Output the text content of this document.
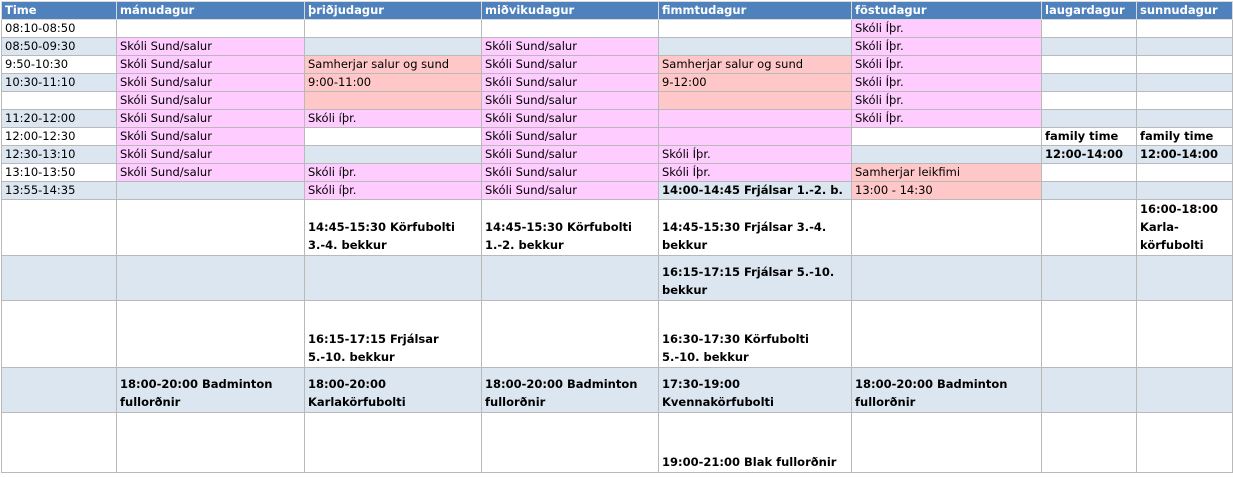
Time	mánudagur	þriðjudagur	miðvikudagur	fimmtudagur	föstudagur	laugardagur	sunnudagur
08:10-08:50					Skóli Íþr.		
08:50-09:30	Skóli Sund/salur		Skóli Sund/salur		Skóli Íþr.		
9:50-10:30	Skóli Sund/salur	Samherjar salur og sund	Skóli Sund/salur	Samherjar salur og sund	Skóli Íþr.		
10:30-11:10	Skóli Sund/salur	9:00-11:00	Skóli Sund/salur	9-12:00	Skóli Íþr.		
	Skóli Sund/salur		Skóli Sund/salur		Skóli Íþr.		
11:20-12:00	Skóli Sund/salur	Skóli íþr.	Skóli Sund/salur		Skóli Íþr.		
12:00-12:30	Skóli Sund/salur		Skóli Sund/salur			family time	family time
12:30-13:10	Skóli Sund/salur		Skóli Sund/salur	Skóli Íþr.		12:00-14:00	12:00-14:00
13:10-13:50	Skóli Sund/salur	Skóli íþr.	Skóli Sund/salur	Skóli Íþr.	Samherjar leikfimi		
13:55-14:35		Skóli íþr.	Skóli Sund/salur	14:00-14:45 Frjálsar 1.-2. b.	13:00 - 14:30		
		14:45-15:30 Körfubolti 3.-4. bekkur	14:45-15:30 Körfubolti 1.-2. bekkur	14:45-15:30 Frjálsar 3.-4. bekkur			16:00-18:00 Karla-körfubolti
				16:15-17:15 Frjálsar 5.-10. bekkur			
		16:15-17:15 Frjálsar 5.-10. bekkur		16:30-17:30 Körfubolti 5.-10. bekkur			
	18:00-20:00 Badminton fullorðnir	18:00-20:00 Karlakörfubolti	18:00-20:00 Badminton fullorðnir	17:30-19:00 Kvennakörfubolti	18:00-20:00 Badminton fullorðnir		
				19:00-21:00 Blak fullorðnir			
